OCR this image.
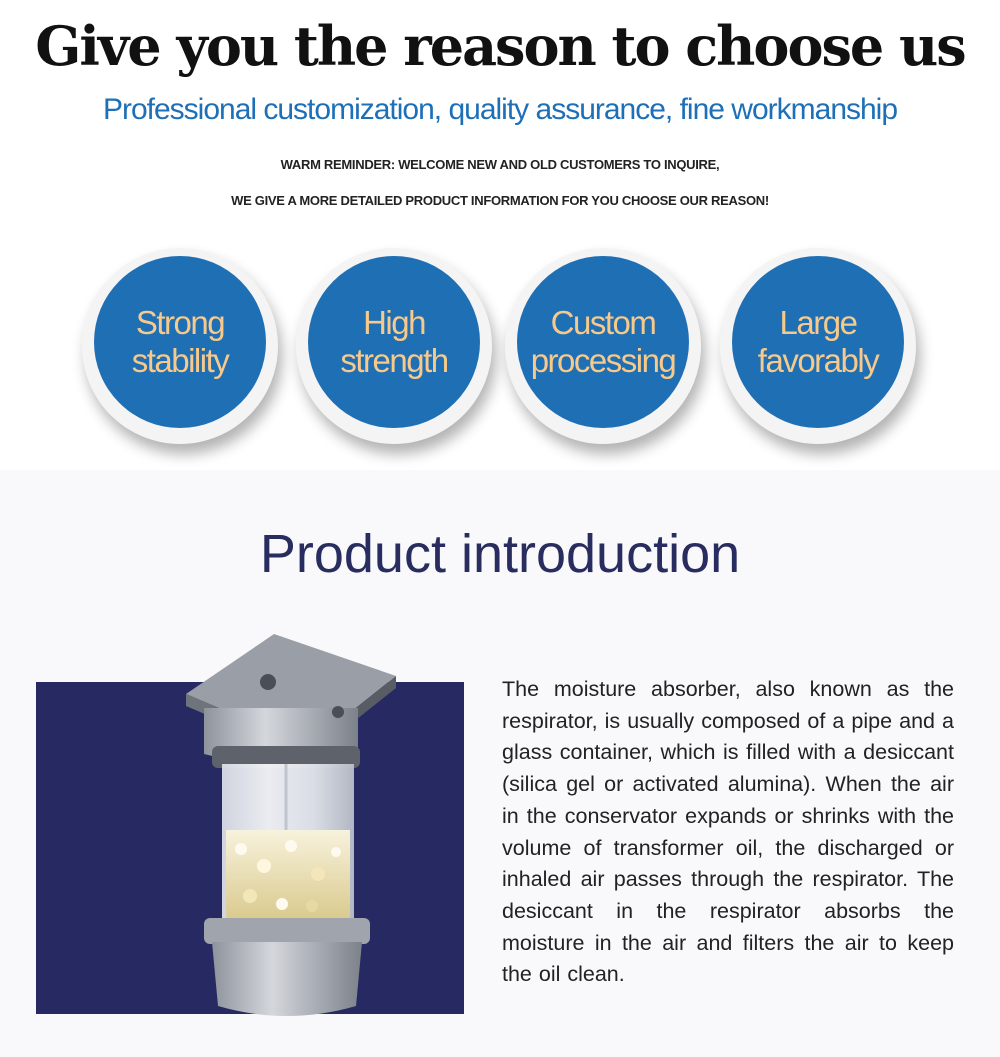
Give you the reason to choose us
Professional customization, quality assurance, fine workmanship
WARM REMINDER: WELCOME NEW AND OLD CUSTOMERS TO INQUIRE,
WE GIVE A MORE DETAILED PRODUCT INFORMATION FOR YOU CHOOSE OUR REASON!
Strong stability
High strength
Custom processing
Large favorably
Product introduction
The moisture absorber, also known as the respirator, is usually composed of a pipe and a glass container, which is filled with a desiccant (silica gel or activated alumina). When the air in the conservator expands or shrinks with the volume of transformer oil, the discharged or inhaled air passes through the respirator. The desiccant in the respirator absorbs the moisture in the air and filters the air to keep the oil clean.
